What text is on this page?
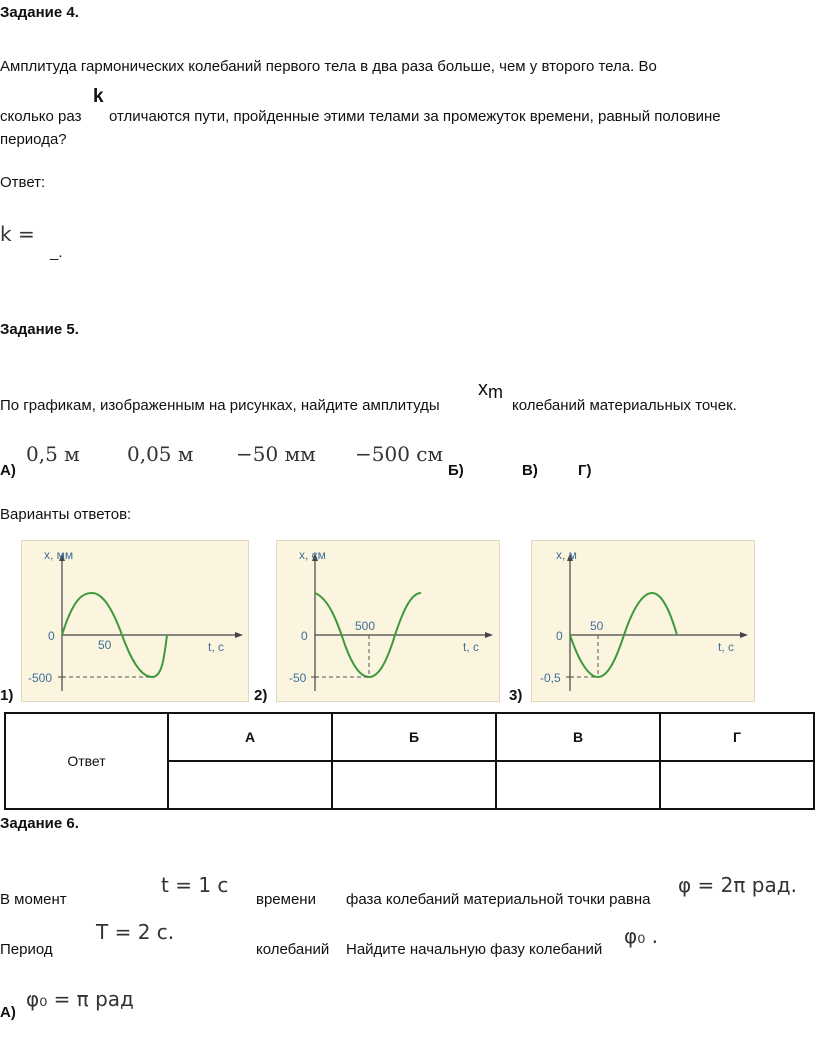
Задание 4.
Амплитуда гармонических колебаний первого тела в два раза больше, чем у второго тела. Во
сколько раз
k
отличаются пути, пройденные этими телами за промежуток времени, равный половине
периода?
Ответ:
k =
_.
Задание 5.
По графикам, изображенным на рисунках, найдите амплитуды
xm
колебаний материальных точек.
0,5 м 0,05 м −50 мм −500 см
А)	Б)	В)	Г)
Варианты ответов:
x, мм
t, с
0
50
-500
1)
x, см
t, с
0
500
-50
2)
x, м
t, с
0
50
-0,5
3)
Ответ	А	Б	В	Г

Задание 6.
В момент
t = 1 с
времени фаза колебаний материальной точки равна
φ = 2π рад.
Период
T = 2 с.
колебаний Найдите начальную фазу колебаний
φ₀ .
φ₀ = π рад
А)
